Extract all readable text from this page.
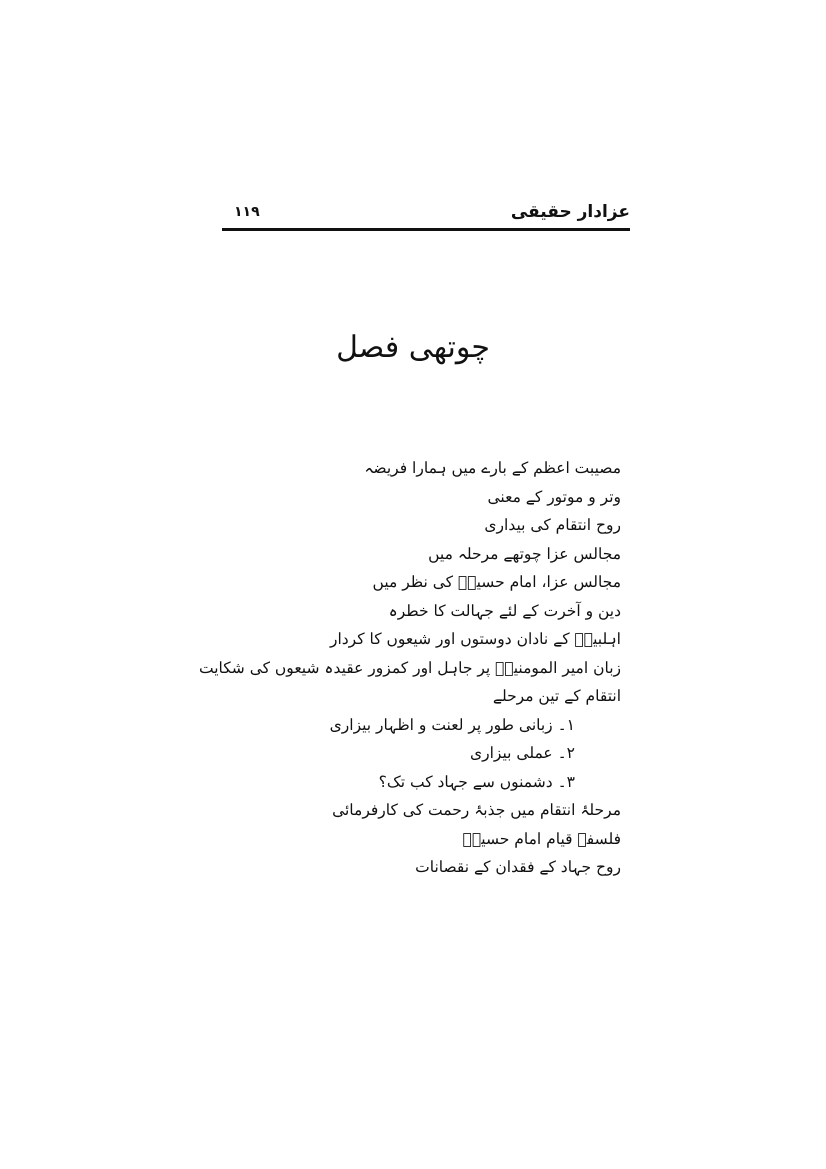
عزادار حقیقی
۱۱۹
چوتھی فصل
مصیبت اعظم کے بارے میں ہمارا فریضہ
وتر و موتور کے معنی
روح انتقام کی بیداری
مجالس عزا چوتھے مرحلہ میں
مجالس عزا، امام حسینؑ کی نظر میں
دین و آخرت کے لئے جہالت کا خطرہ
اہلبیتؑ کے نادان دوستوں اور شیعوں کا کردار
زبان امیر المومنینؑ پر جاہل اور کمزور عقیدہ شیعوں کی شکایت
انتقام کے تین مرحلے
۱۔ زبانی طور پر لعنت و اظہار بیزاری
۲۔ عملی بیزاری
۳۔ دشمنوں سے جہاد کب تک؟
مرحلۂ انتقام میں جذبۂ رحمت کی کارفرمائی
فلسفۂ قیام امام حسینؑ
روح جہاد کے فقدان کے نقصانات
